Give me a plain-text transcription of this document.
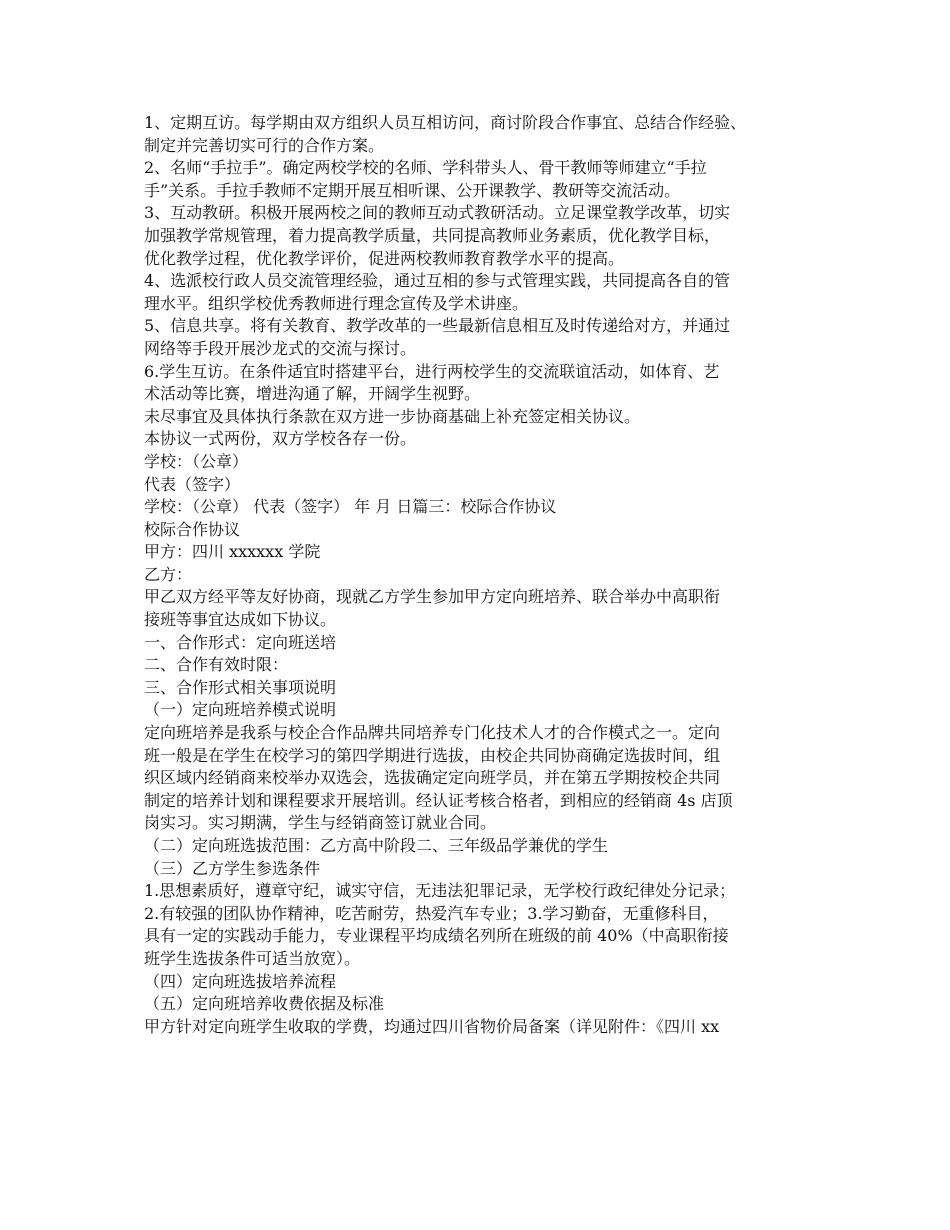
1、定期互访。每学期由双方组织人员互相访问，商讨阶段合作事宜、总结合作经验、

制定并完善切实可行的合作方案。

2、名师“手拉手”。确定两校学校的名师、学科带头人、骨干教师等师建立“手拉

手”关系。手拉手教师不定期开展互相听课、公开课教学、教研等交流活动。

3、互动教研。积极开展两校之间的教师互动式教研活动。立足课堂教学改革，切实

加强教学常规管理，着力提高教学质量，共同提高教师业务素质，优化教学目标，

优化教学过程，优化教学评价，促进两校教师教育教学水平的提高。

4、选派校行政人员交流管理经验，通过互相的参与式管理实践，共同提高各自的管

理水平。组织学校优秀教师进行理念宣传及学术讲座。

5、信息共享。将有关教育、教学改革的一些最新信息相互及时传递给对方，并通过

网络等手段开展沙龙式的交流与探讨。

6.学生互访。在条件适宜时搭建平台，进行两校学生的交流联谊活动，如体育、艺

术活动等比赛，增进沟通了解，开阔学生视野。

未尽事宜及具体执行条款在双方进一步协商基础上补充签定相关协议。

本协议一式两份，双方学校各存一份。

学校：（公章）

代表（签字）

学校：（公章） 代表（签字） 年 月 日篇三：校际合作协议

校际合作协议

甲方：四川 xxxxxx 学院

乙方：

甲乙双方经平等友好协商，现就乙方学生参加甲方定向班培养、联合举办中高职衔

接班等事宜达成如下协议。

一、合作形式：定向班送培

二、合作有效时限：

三、合作形式相关事项说明

（一）定向班培养模式说明

定向班培养是我系与校企合作品牌共同培养专门化技术人才的合作模式之一。定向

班一般是在学生在校学习的第四学期进行选拔，由校企共同协商确定选拔时间，组

织区域内经销商来校举办双选会，选拔确定定向班学员，并在第五学期按校企共同

制定的培养计划和课程要求开展培训。经认证考核合格者，到相应的经销商 4s 店顶

岗实习。实习期满，学生与经销商签订就业合同。

（二）定向班选拔范围：乙方高中阶段二、三年级品学兼优的学生

（三）乙方学生参选条件

1.思想素质好，遵章守纪，诚实守信，无违法犯罪记录，无学校行政纪律处分记录；

2.有较强的团队协作精神，吃苦耐劳，热爱汽车专业；3.学习勤奋，无重修科目，

具有一定的实践动手能力，专业课程平均成绩名列所在班级的前 40%（中高职衔接

班学生选拔条件可适当放宽）。

（四）定向班选拔培养流程

（五）定向班培养收费依据及标准

甲方针对定向班学生收取的学费，均通过四川省物价局备案（详见附件：《四川 xx
